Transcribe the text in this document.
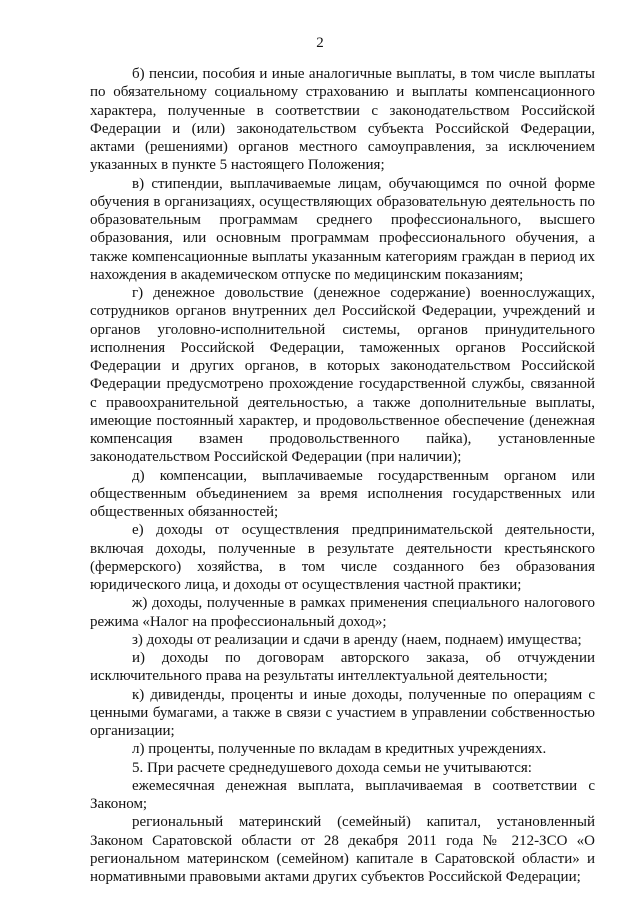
2

б) пенсии, пособия и иные аналогичные выплаты, в том числе выплаты по обязательному социальному страхованию и выплаты компенсационного характера, полученные в соответствии с законодательством Российской Федерации и (или) законодательством субъекта Российской Федерации, актами (решениями) органов местного самоуправления, за исключением указанных в пункте 5 настоящего Положения;

в) стипендии, выплачиваемые лицам, обучающимся по очной форме обучения в организациях, осуществляющих образовательную деятельность по образовательным программам среднего профессионального, высшего образования, или основным программам профессионального обучения, а также компенсационные выплаты указанным категориям граждан в период их нахождения в академическом отпуске по медицинским показаниям;

г) денежное довольствие (денежное содержание) военнослужащих, сотрудников органов внутренних дел Российской Федерации, учреждений и органов уголовно-исполнительной системы, органов принудительного исполнения Российской Федерации, таможенных органов Российской Федерации и других органов, в которых законодательством Российской Федерации предусмотрено прохождение государственной службы, связанной с правоохранительной деятельностью, а также дополнительные выплаты, имеющие постоянный характер, и продовольственное обеспечение (денежная компенсация взамен продовольственного пайка), установленные законодательством Российской Федерации (при наличии);

д) компенсации, выплачиваемые государственным органом или общественным объединением за время исполнения государственных или общественных обязанностей;

е) доходы от осуществления предпринимательской деятельности, включая доходы, полученные в результате деятельности крестьянского (фермерского) хозяйства, в том числе созданного без образования юридического лица, и доходы от осуществления частной практики;

ж) доходы, полученные в рамках применения специального налогового режима «Налог на профессиональный доход»;

з) доходы от реализации и сдачи в аренду (наем, поднаем) имущества;

и) доходы по договорам авторского заказа, об отчуждении исключительного права на результаты интеллектуальной деятельности;

к) дивиденды, проценты и иные доходы, полученные по операциям с ценными бумагами, а также в связи с участием в управлении собственностью организации;

л) проценты, полученные по вкладам в кредитных учреждениях.

5. При расчете среднедушевого дохода семьи не учитываются:

ежемесячная денежная выплата, выплачиваемая в соответствии с Законом;

региональный материнский (семейный) капитал, установленный Законом Саратовской области от 28 декабря 2011 года № 212-ЗСО «О региональном материнском (семейном) капитале в Саратовской области» и нормативными правовыми актами других субъектов Российской Федерации;
